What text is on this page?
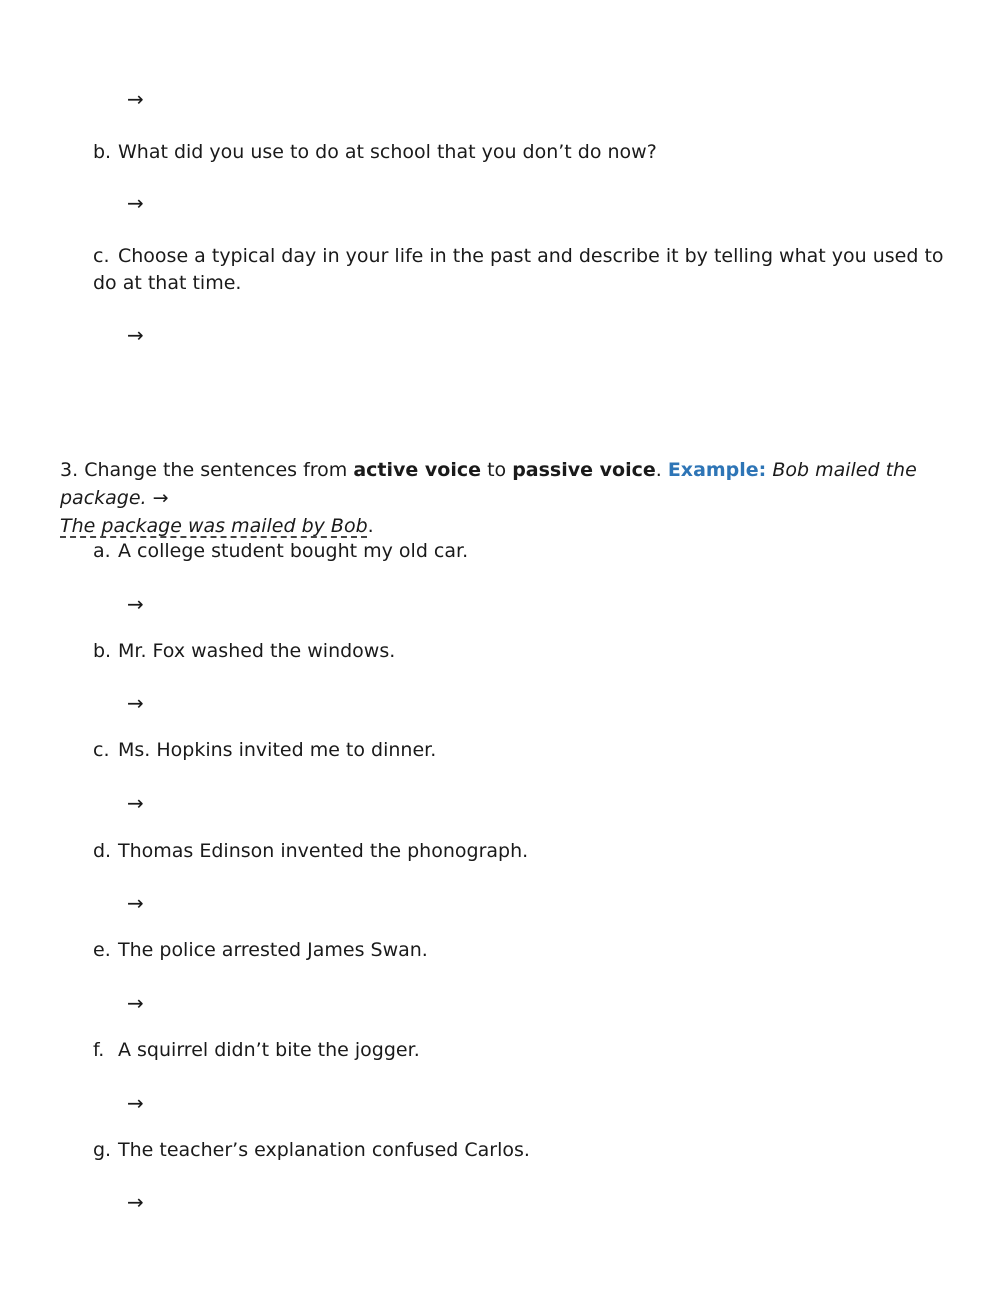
→
b. What did you use to do at school that you don’t do now?
→
c. Choose a typical day in your life in the past and describe it by telling what you used to do at that time.
→
3. Change the sentences from active voice to passive voice. Example: Bob mailed the package. →
The package was mailed by Bob.
a. A college student bought my old car.
→
b. Mr. Fox washed the windows.
→
c. Ms. Hopkins invited me to dinner.
→
d. Thomas Edinson invented the phonograph.
→
e. The police arrested James Swan.
→
f. A squirrel didn’t bite the jogger.
→
g. The teacher’s explanation confused Carlos.
→
